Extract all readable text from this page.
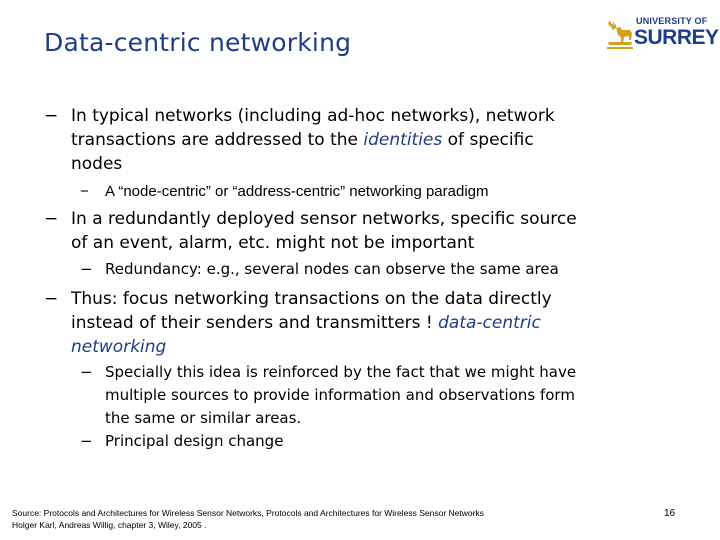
Data-centric networking
UNIVERSITY OF
SURREY
− In typical networks (including ad-hoc networks), network
transactions are addressed to the identities of specific
nodes
− A “node-centric” or “address-centric” networking paradigm
− In a redundantly deployed sensor networks, specific source
of an event, alarm, etc. might not be important
− Redundancy: e.g., several nodes can observe the same area
− Thus: focus networking transactions on the data directly
instead of their senders and transmitters ! data-centric
networking
− Specially this idea is reinforced by the fact that we might have
multiple sources to provide information and observations form
the same or similar areas.
− Principal design change
Source: Protocols and Architectures for Wireless Sensor Networks, Protocols and Architectures for Wireless Sensor Networks
Holger Karl, Andreas Willig, chapter 3, Wiley, 2005 .
16
